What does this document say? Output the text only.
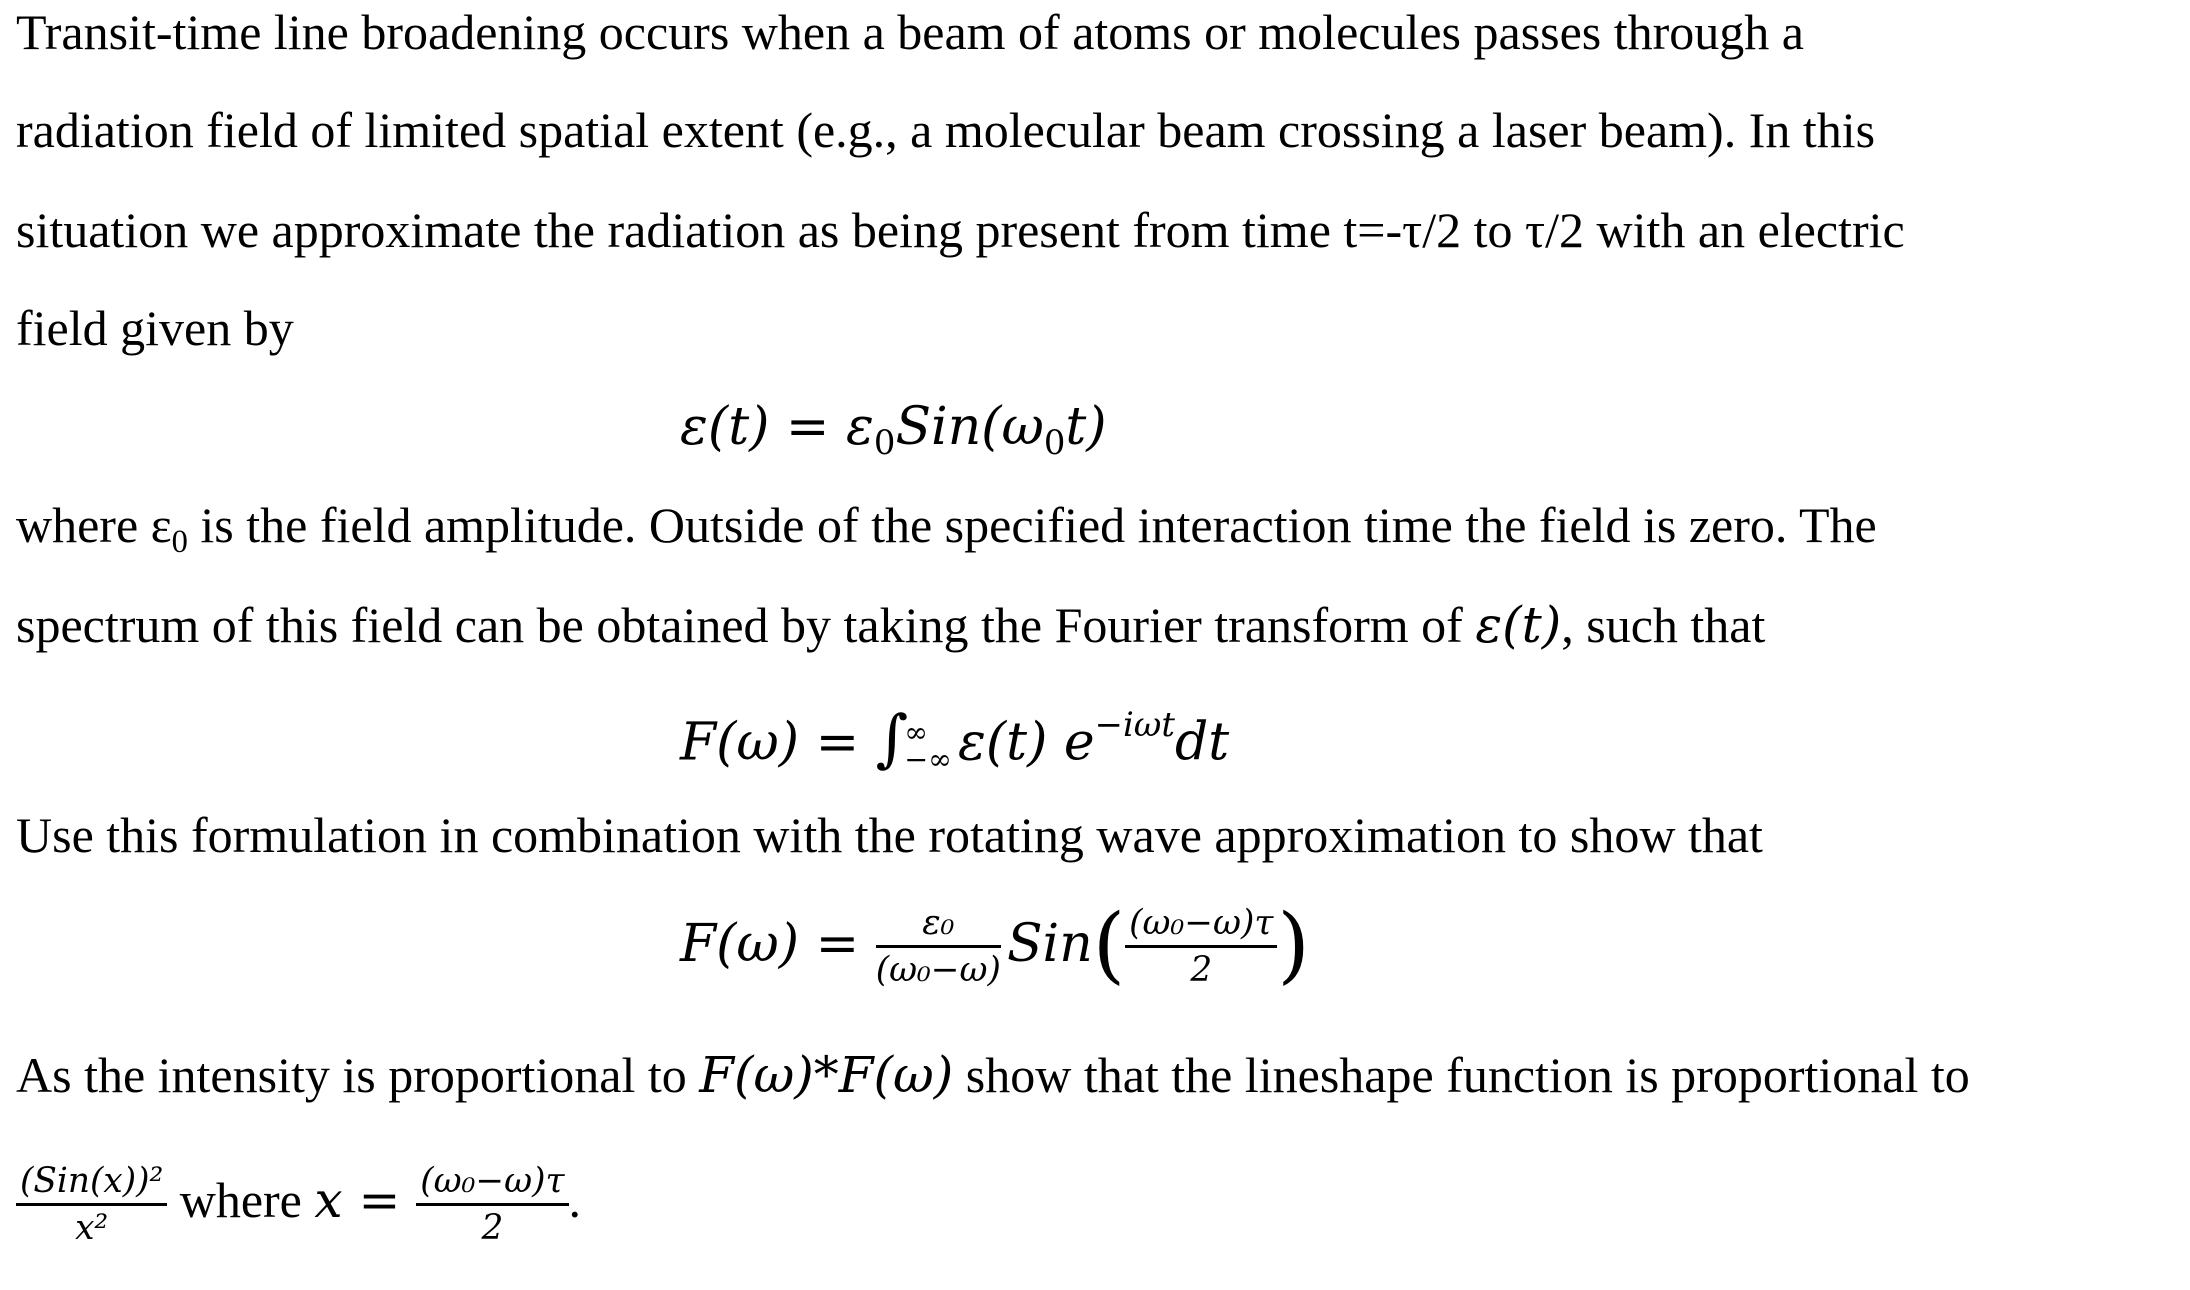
Transit-time line broadening occurs when a beam of atoms or molecules passes through a
radiation field of limited spatial extent (e.g., a molecular beam crossing a laser beam). In this
situation we approximate the radiation as being present from time t=-τ/2 to τ/2 with an electric
field given by
$\varepsilon(t) = \varepsilon_0Sin(\omega_0t)$
where $\varepsilon_0$ is the field amplitude. Outside of the specified interaction time the field is zero. The
spectrum of this field can be obtained by taking the Fourier transform of ε(t), such that
F(ω) = ∫
∞
−∞ ε(t) $e^{-i\omega t}dt$
Use this formulation in combination with the rotating wave approximation to show that
$F(\omega) = \frac{\text{ε₀}}{\text{(ω₀−ω)}} Sin( \frac{\text{(ω₀−ω)τ}}{2}$ )
As the intensity is proportional to F(ω)*F(ω) show that the lineshape function is proportional to
$\frac{\text{(Sin(x))²}}{\text{x²}}$ where $x = \frac{\text{(ω₀−ω)τ}}{2}$ .
